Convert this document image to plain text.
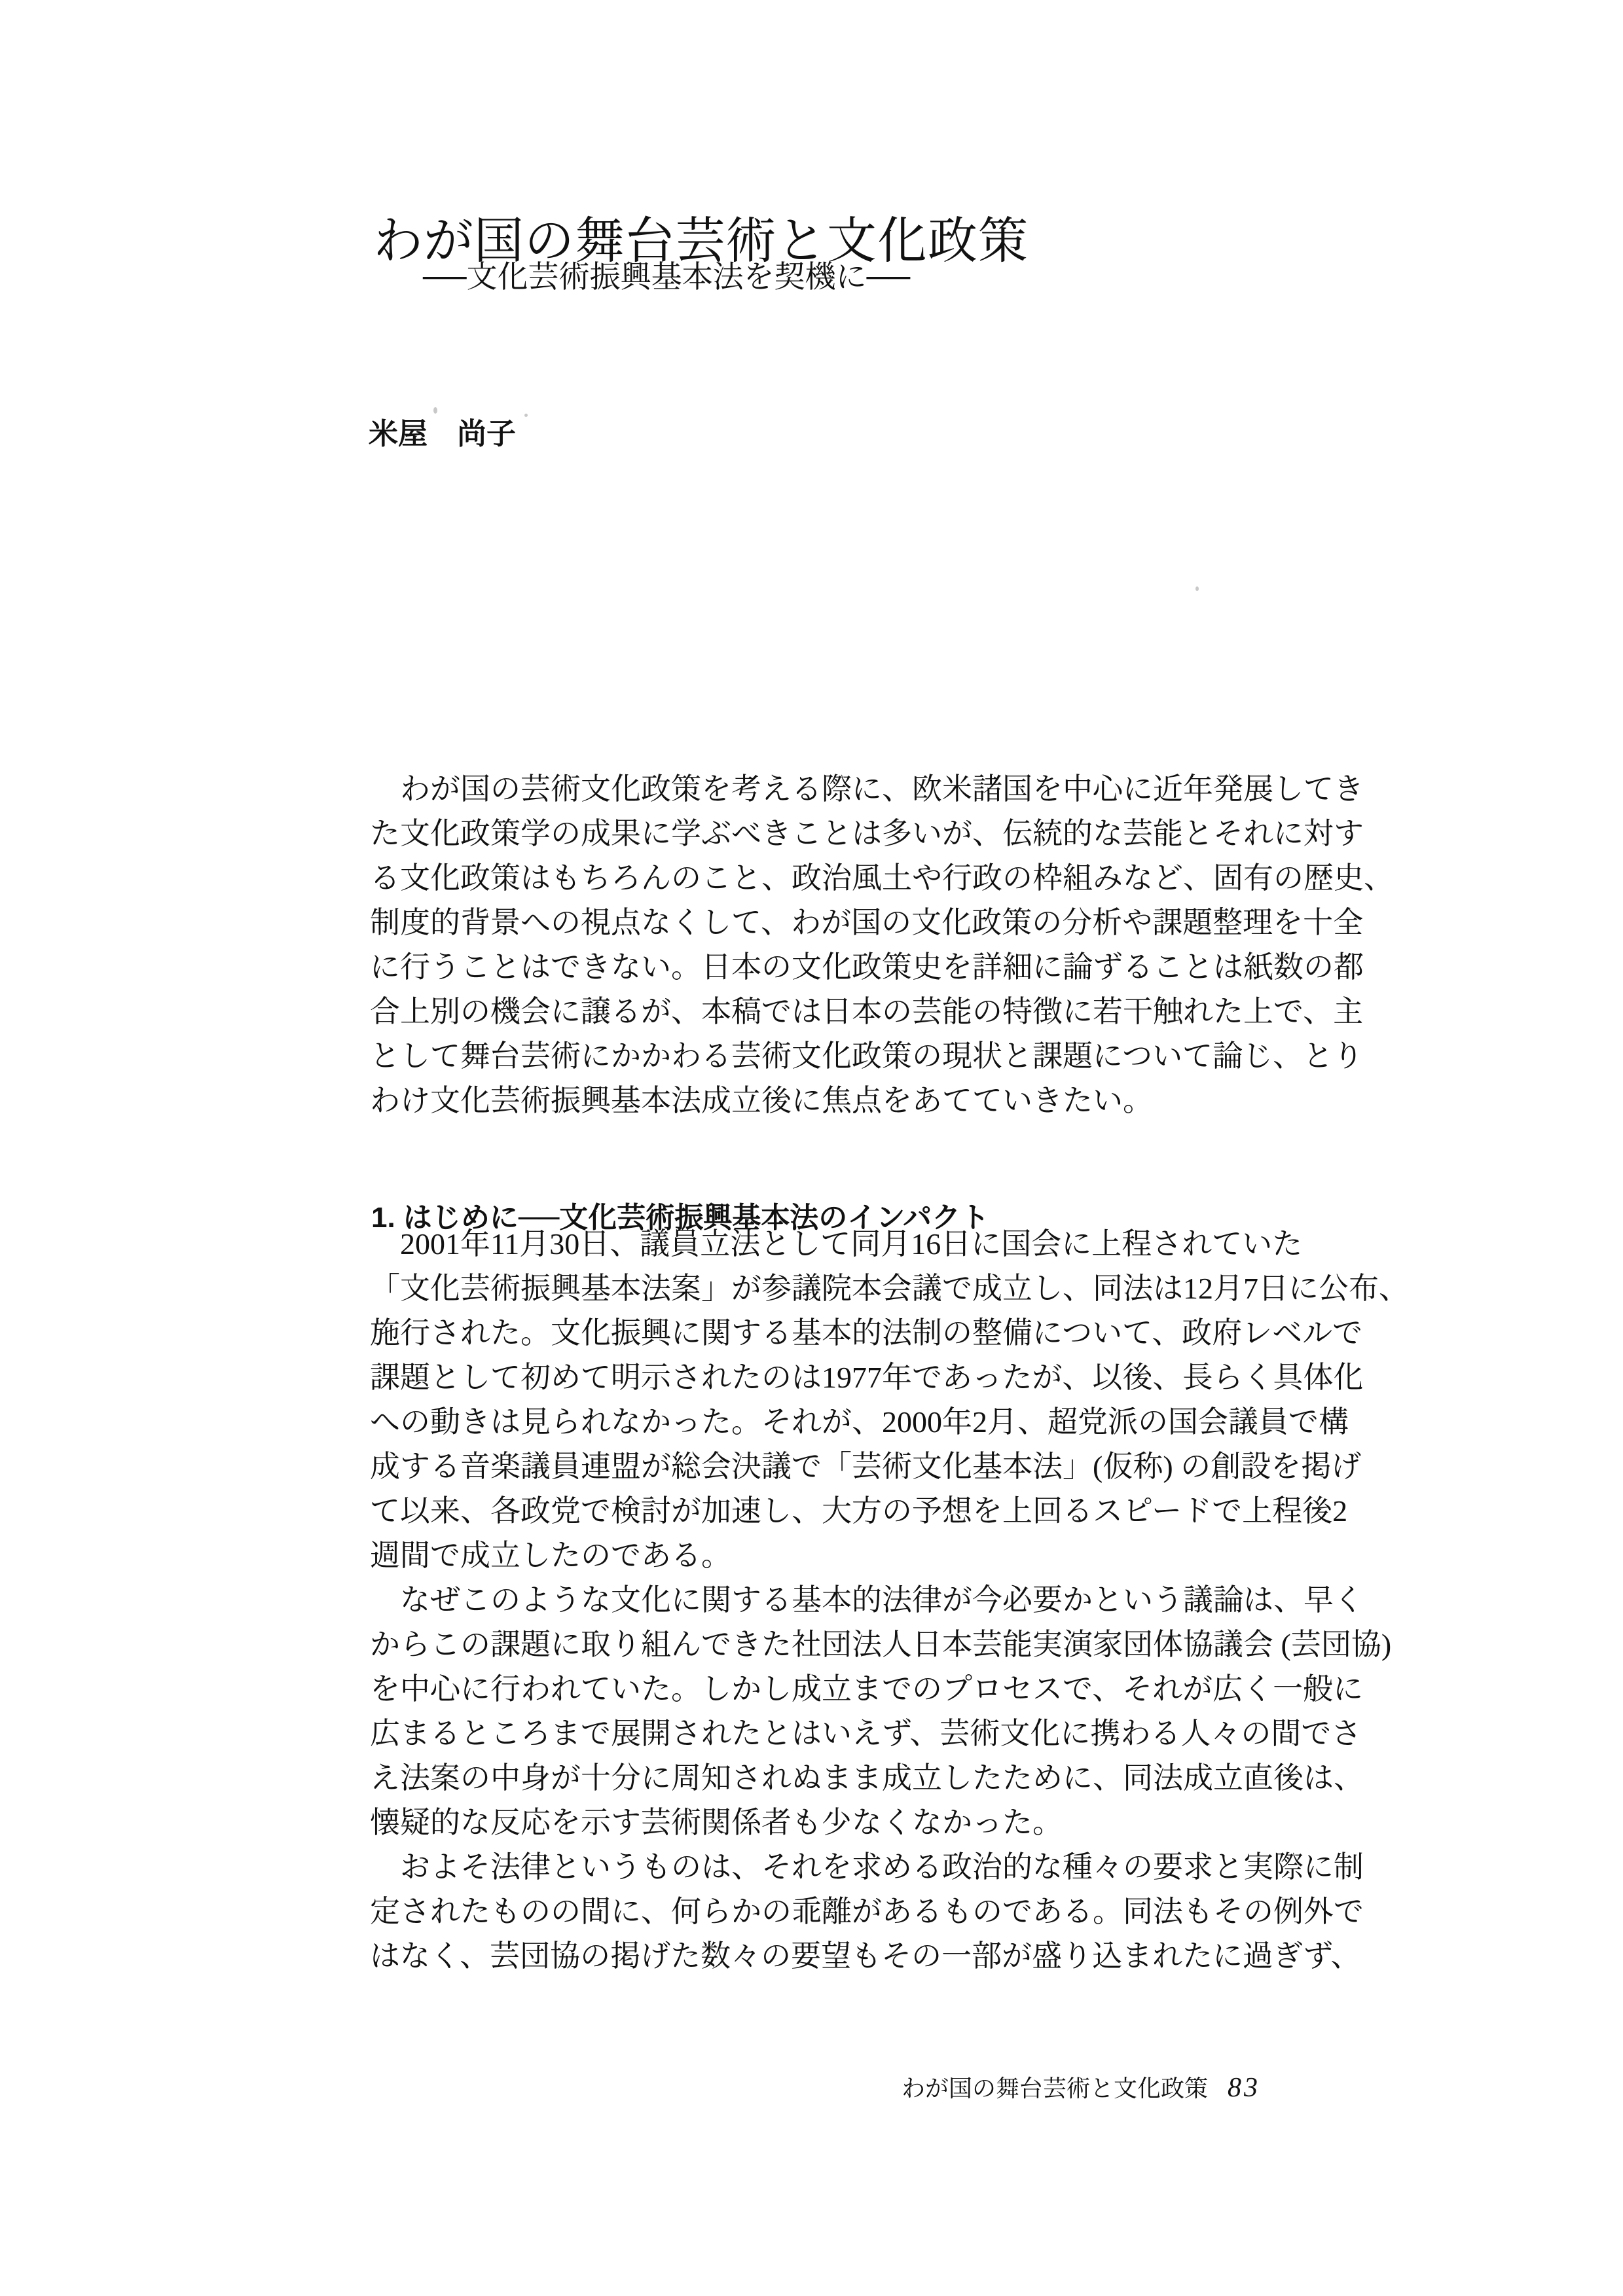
わが国の舞台芸術と文化政策
──文化芸術振興基本法を契機に──
米屋　尚子
　わが国の芸術文化政策を考える際に、欧米諸国を中心に近年発展してき
た文化政策学の成果に学ぶべきことは多いが、伝統的な芸能とそれに対す
る文化政策はもちろんのこと、政治風土や行政の枠組みなど、固有の歴史、
制度的背景への視点なくして、わが国の文化政策の分析や課題整理を十全
に行うことはできない。日本の文化政策史を詳細に論ずることは紙数の都
合上別の機会に譲るが、本稿では日本の芸能の特徴に若干触れた上で、主
として舞台芸術にかかわる芸術文化政策の現状と課題について論じ、とり
わけ文化芸術振興基本法成立後に焦点をあてていきたい。
1. はじめに──文化芸術振興基本法のインパクト
　2001年11月30日、議員立法として同月16日に国会に上程されていた
「文化芸術振興基本法案」が参議院本会議で成立し、同法は12月7日に公布、
施行された。文化振興に関する基本的法制の整備について、政府レベルで
課題として初めて明示されたのは1977年であったが、以後、長らく具体化
への動きは見られなかった。それが、2000年2月、超党派の国会議員で構
成する音楽議員連盟が総会決議で「芸術文化基本法」(仮称) の創設を掲げ
て以来、各政党で検討が加速し、大方の予想を上回るスピードで上程後2
週間で成立したのである。
　なぜこのような文化に関する基本的法律が今必要かという議論は、早く
からこの課題に取り組んできた社団法人日本芸能実演家団体協議会 (芸団協)
を中心に行われていた。しかし成立までのプロセスで、それが広く一般に
広まるところまで展開されたとはいえず、芸術文化に携わる人々の間でさ
え法案の中身が十分に周知されぬまま成立したために、同法成立直後は、
懐疑的な反応を示す芸術関係者も少なくなかった。
　およそ法律というものは、それを求める政治的な種々の要求と実際に制
定されたものの間に、何らかの乖離があるものである。同法もその例外で
はなく、芸団協の掲げた数々の要望もその一部が盛り込まれたに過ぎず、
わが国の舞台芸術と文化政策 83
